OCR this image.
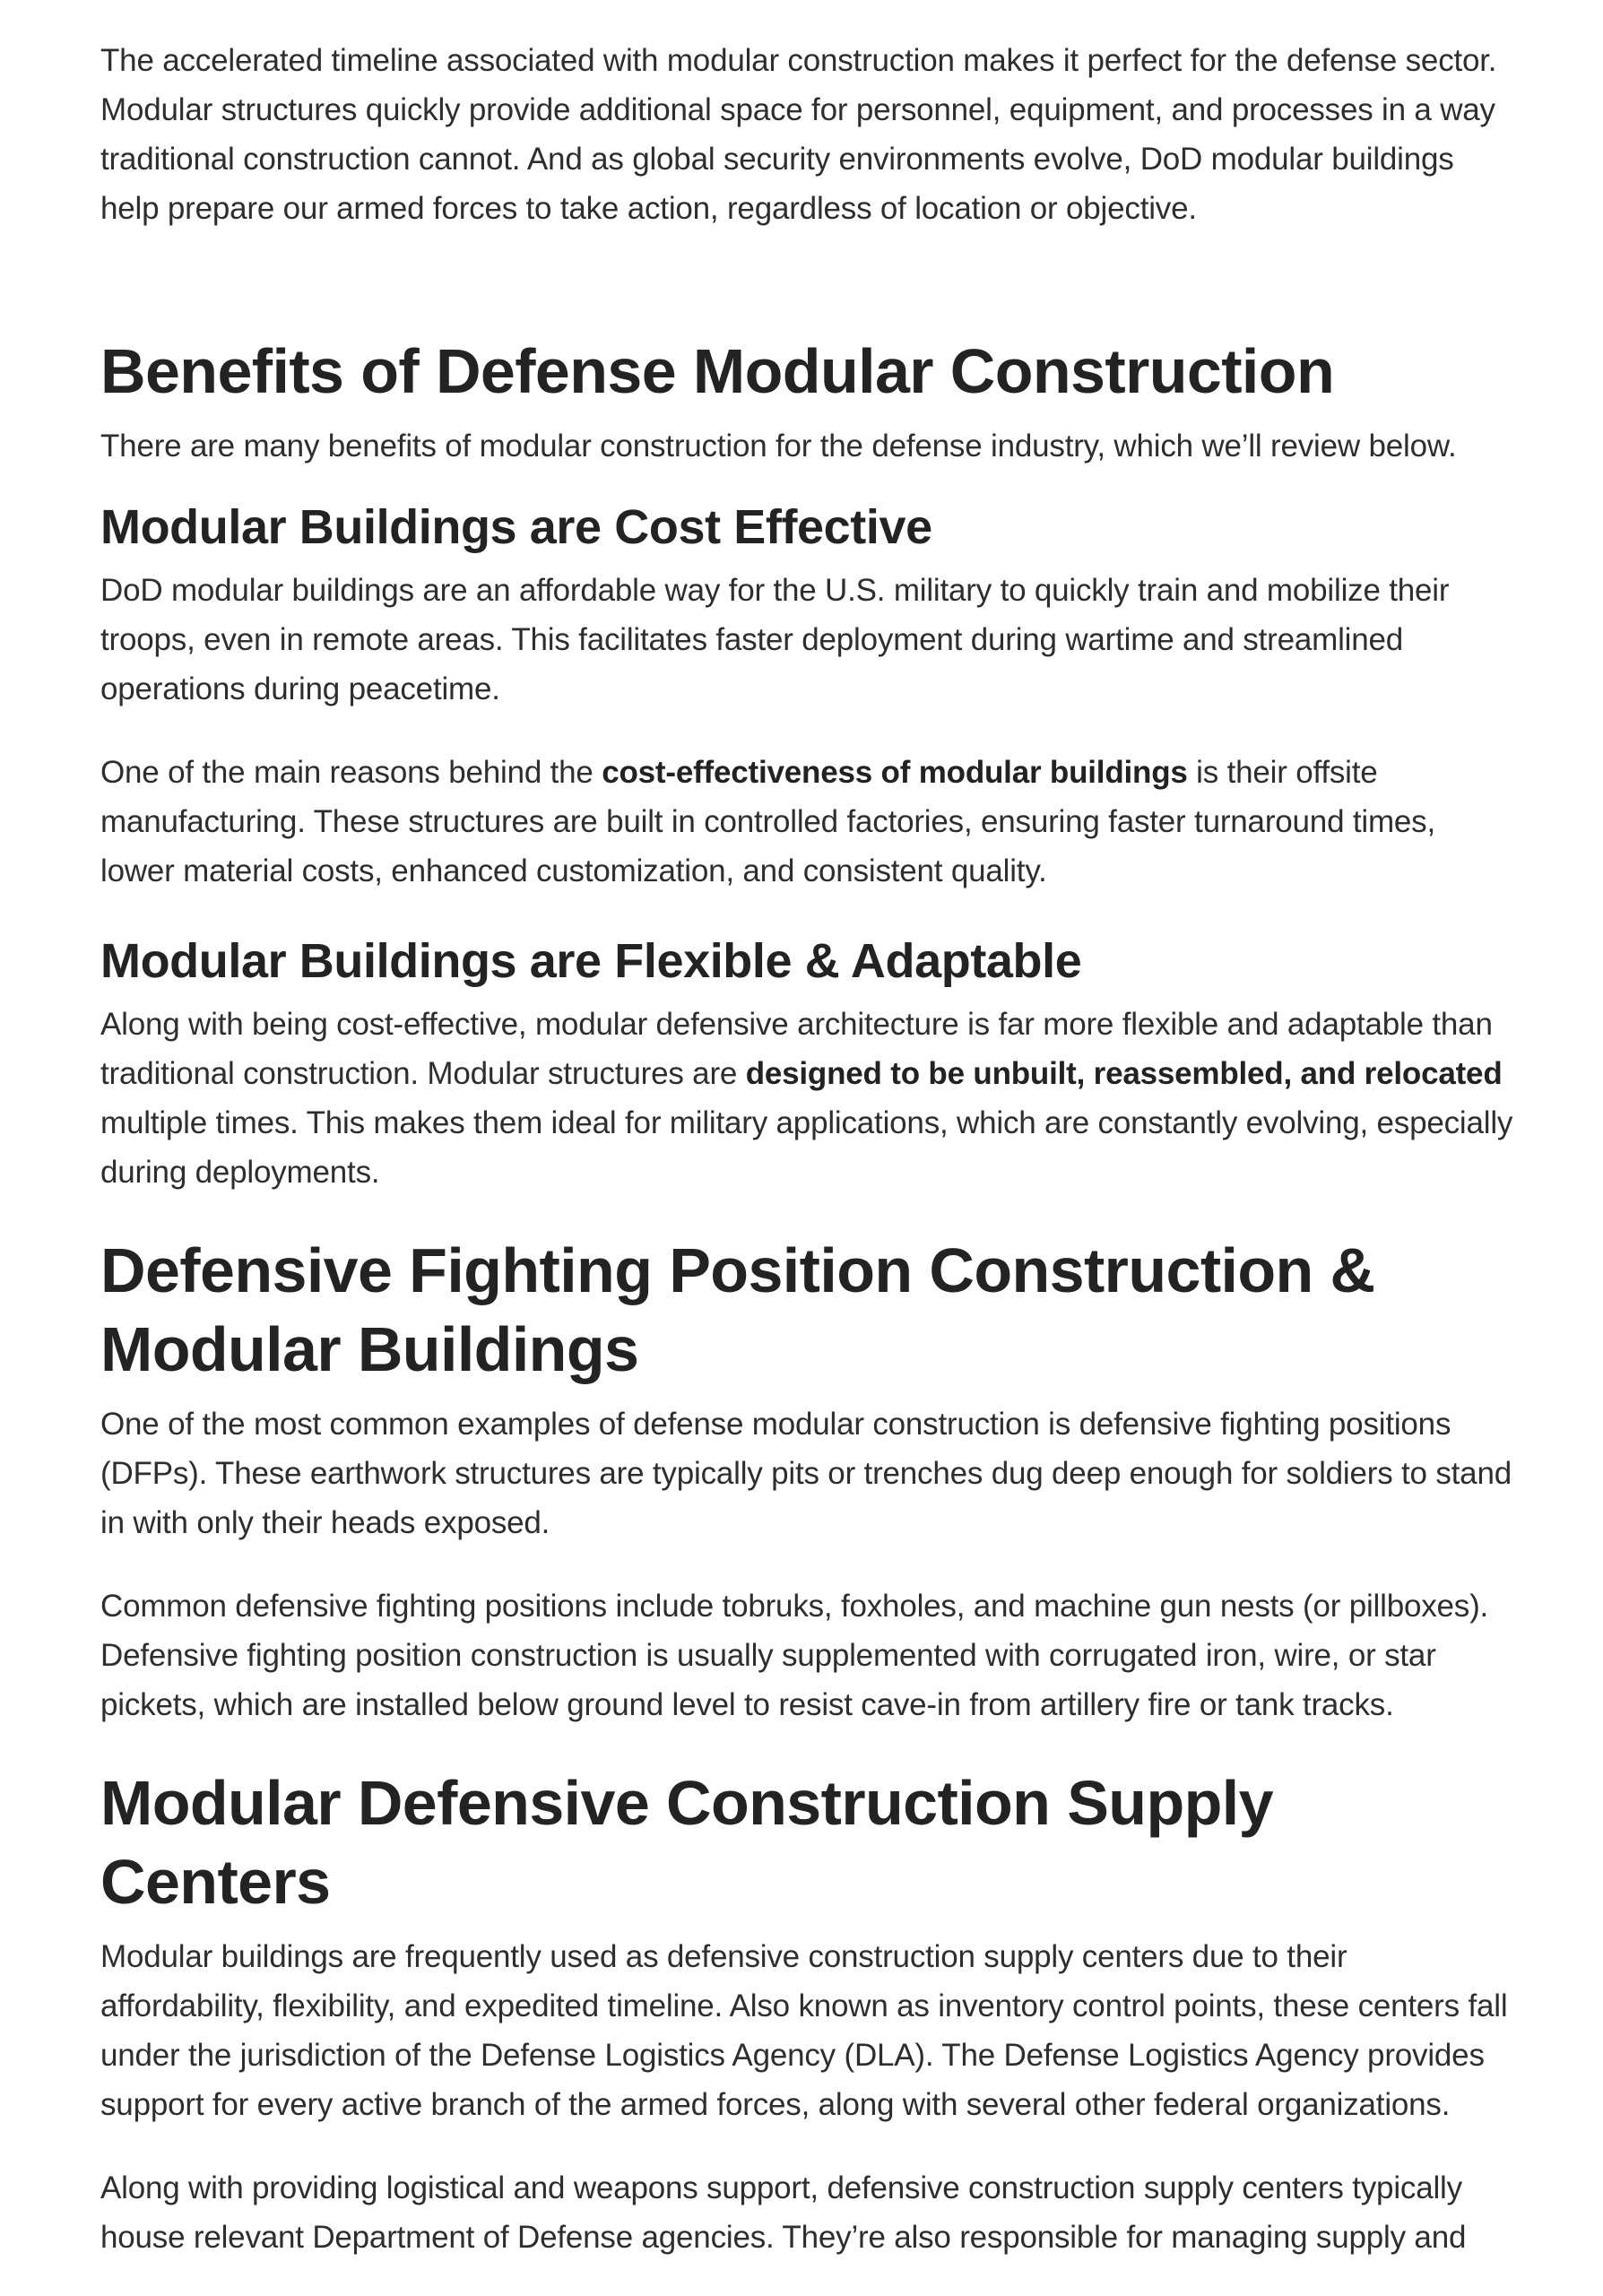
The accelerated timeline associated with modular construction makes it perfect for the defense sector. Modular structures quickly provide additional space for personnel, equipment, and processes in a way traditional construction cannot. And as global security environments evolve, DoD modular buildings help prepare our armed forces to take action, regardless of location or objective.

Benefits of Defense Modular Construction

There are many benefits of modular construction for the defense industry, which we’ll review below.

Modular Buildings are Cost Effective

DoD modular buildings are an affordable way for the U.S. military to quickly train and mobilize their troops, even in remote areas. This facilitates faster deployment during wartime and streamlined operations during peacetime.

One of the main reasons behind the cost-effectiveness of modular buildings is their offsite manufacturing. These structures are built in controlled factories, ensuring faster turnaround times, lower material costs, enhanced customization, and consistent quality.

Modular Buildings are Flexible & Adaptable

Along with being cost-effective, modular defensive architecture is far more flexible and adaptable than traditional construction. Modular structures are designed to be unbuilt, reassembled, and relocated multiple times. This makes them ideal for military applications, which are constantly evolving, especially during deployments.

Defensive Fighting Position Construction & Modular Buildings

One of the most common examples of defense modular construction is defensive fighting positions (DFPs). These earthwork structures are typically pits or trenches dug deep enough for soldiers to stand in with only their heads exposed.

Common defensive fighting positions include tobruks, foxholes, and machine gun nests (or pillboxes). Defensive fighting position construction is usually supplemented with corrugated iron, wire, or star pickets, which are installed below ground level to resist cave-in from artillery fire or tank tracks.

Modular Defensive Construction Supply Centers

Modular buildings are frequently used as defensive construction supply centers due to their affordability, flexibility, and expedited timeline. Also known as inventory control points, these centers fall under the jurisdiction of the Defense Logistics Agency (DLA). The Defense Logistics Agency provides support for every active branch of the armed forces, along with several other federal organizations.

Along with providing logistical and weapons support, defensive construction supply centers typically house relevant Department of Defense agencies. They’re also responsible for managing supply and
